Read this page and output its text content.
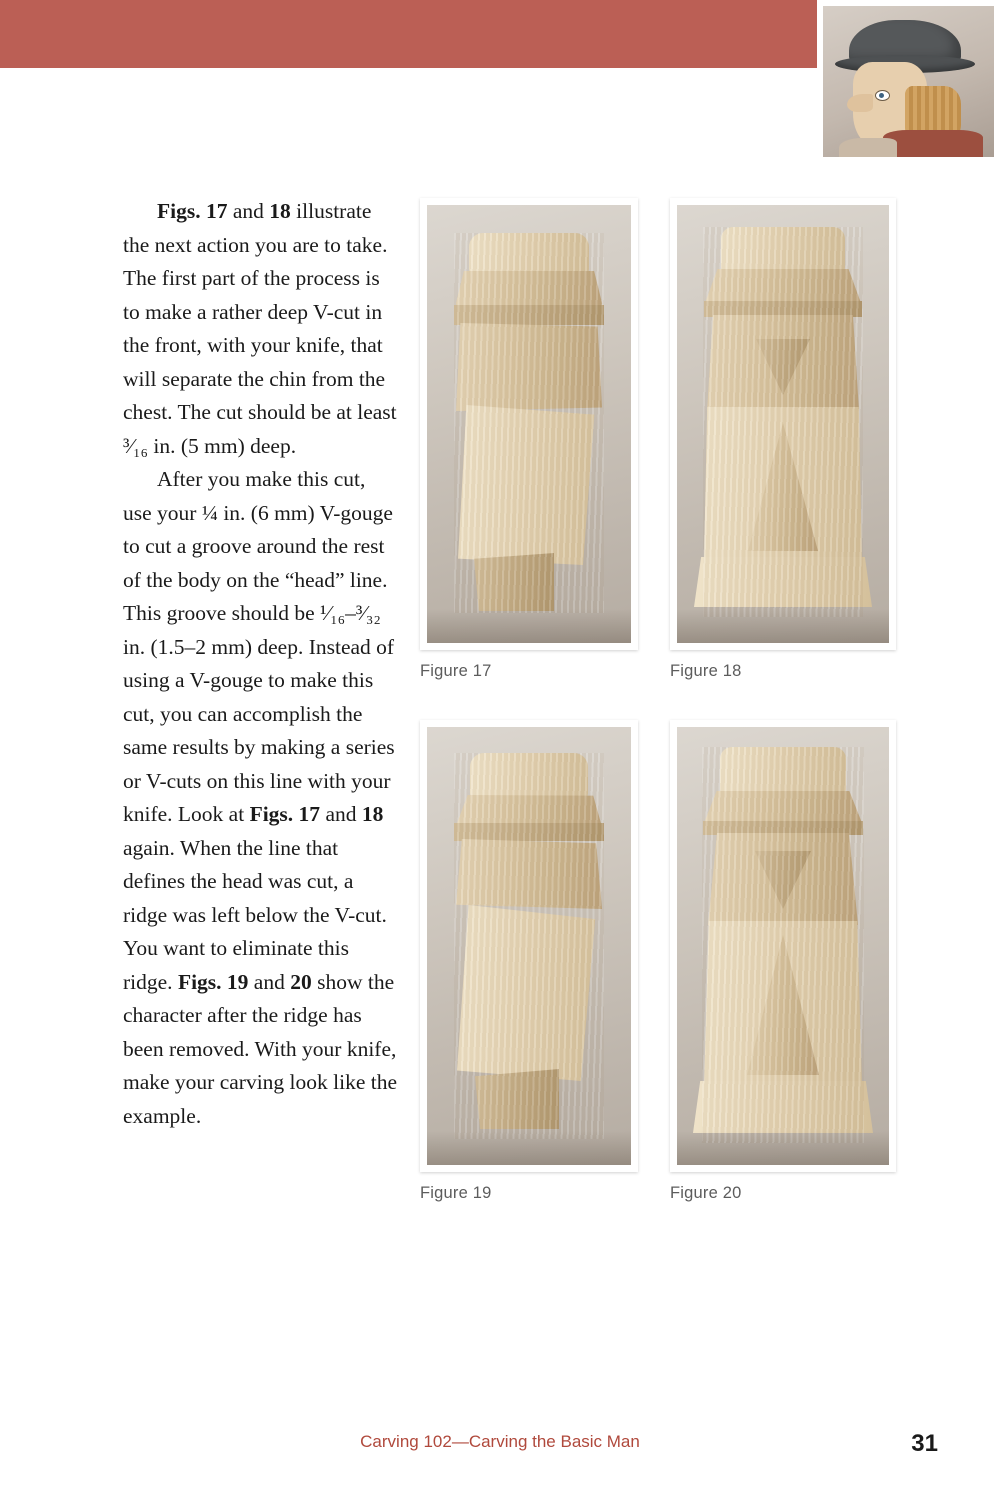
Figs. 17 and 18 illustrate the next action you are to take. The first part of the process is to make a rather deep V-cut in the front, with your knife, that will separate the chin from the chest. The cut should be at least ³⁄₁₆ in. (5 mm) deep.

After you make this cut, use your ¼ in. (6 mm) V-gouge to cut a groove around the rest of the body on the “head” line. This groove should be ¹⁄₁₆–³⁄₃₂ in. (1.5–2 mm) deep. Instead of using a V-gouge to make this cut, you can accomplish the same results by making a series or V-cuts on this line with your knife. Look at Figs. 17 and 18 again. When the line that defines the head was cut, a ridge was left below the V-cut. You want to eliminate this ridge. Figs. 19 and 20 show the character after the ridge has been removed. With your knife, make your carving look like the example.

Figure 17	Figure 18
Figure 19	Figure 20
Carving 102—Carving the Basic Man	31
